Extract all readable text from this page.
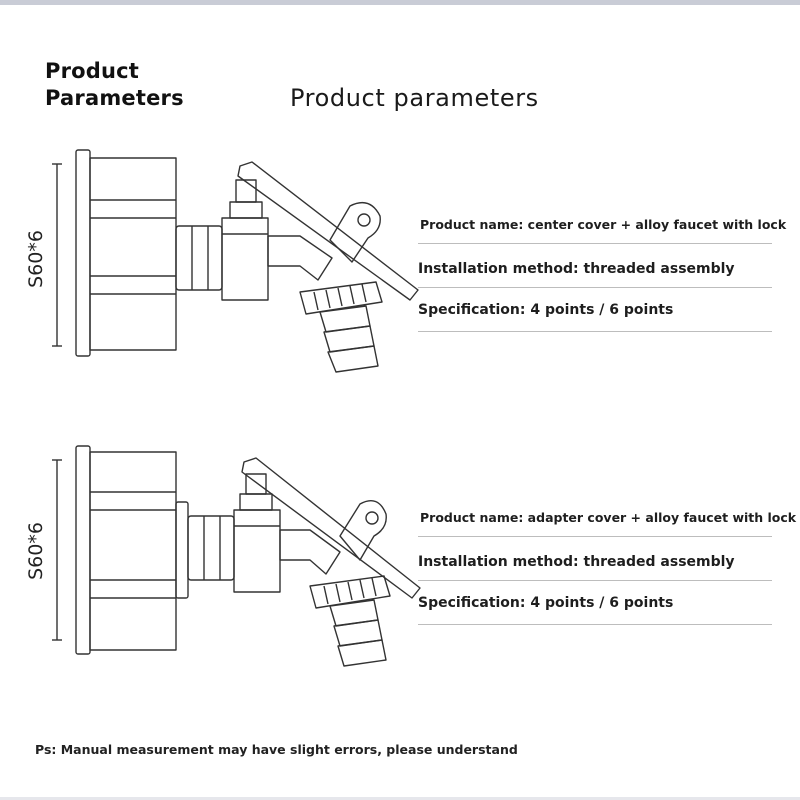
Product
Parameters	Product parameters
S60*6
Product name: center cover + alloy faucet with lock
Installation method: threaded assembly
Specification: 4 points / 6 points
S60*6
Product name: adapter cover + alloy faucet with lock
Installation method: threaded assembly
Specification: 4 points / 6 points
Ps: Manual measurement may have slight errors, please understand
